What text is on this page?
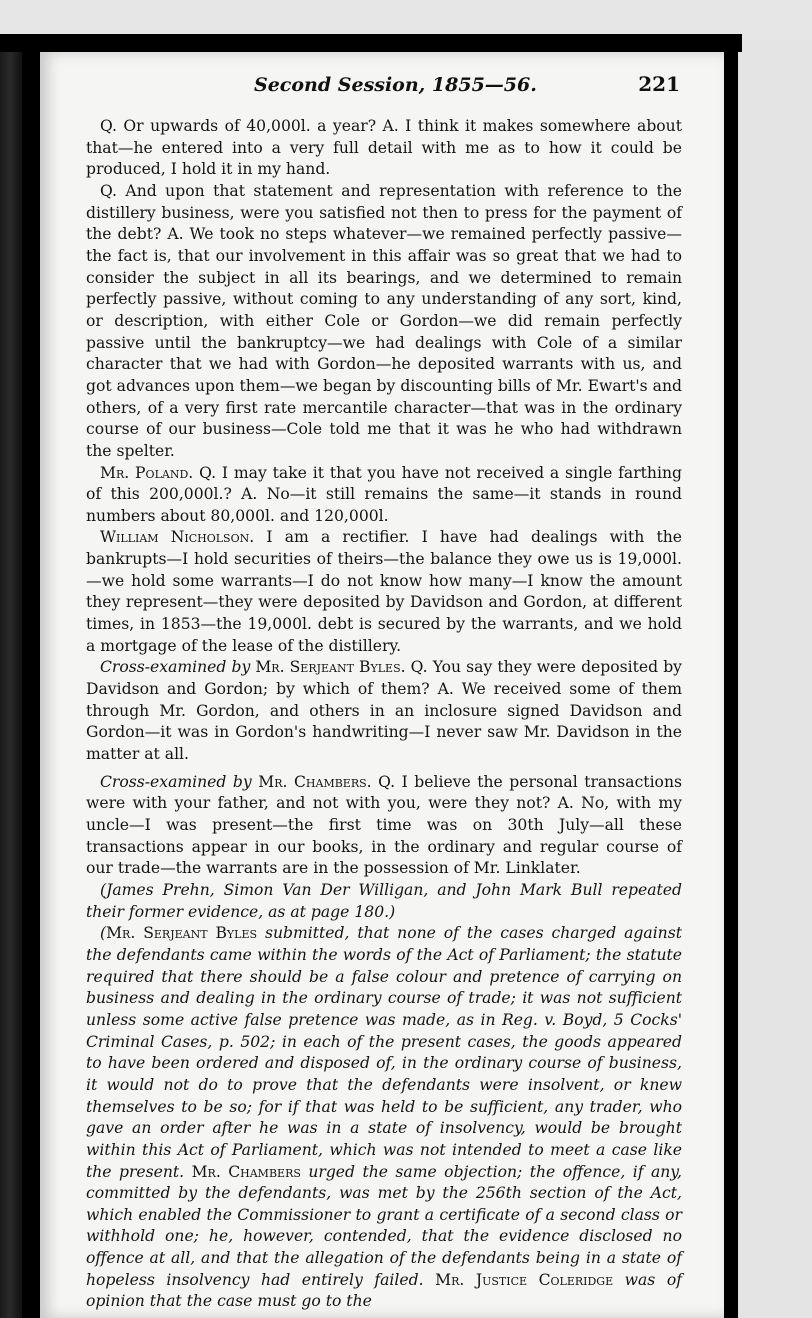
Second Session, 1855—56.	221

Q. Or upwards of 40,000l. a year? A. I think it makes somewhere about that—he entered into a very full detail with me as to how it could be produced, I hold it in my hand.

Q. And upon that statement and representation with reference to the distillery business, were you satisfied not then to press for the payment of the debt? A. We took no steps whatever—we remained perfectly passive—the fact is, that our involvement in this affair was so great that we had to consider the subject in all its bearings, and we determined to remain perfectly passive, without coming to any understanding of any sort, kind, or description, with either Cole or Gordon—we did remain perfectly passive until the bankruptcy—we had dealings with Cole of a similar character that we had with Gordon—he deposited warrants with us, and got advances upon them—we began by discounting bills of Mr. Ewart's and others, of a very first rate mercantile character—that was in the ordinary course of our business—Cole told me that it was he who had withdrawn the spelter.

Mr. Poland. Q. I may take it that you have not received a single farthing of this 200,000l.? A. No—it still remains the same—it stands in round numbers about 80,000l. and 120,000l.

William Nicholson. I am a rectifier. I have had dealings with the bankrupts—I hold securities of theirs—the balance they owe us is 19,000l.—we hold some warrants—I do not know how many—I know the amount they represent—they were deposited by Davidson and Gordon, at different times, in 1853—the 19,000l. debt is secured by the warrants, and we hold a mortgage of the lease of the distillery.

Cross-examined by Mr. Serjeant Byles. Q. You say they were deposited by Davidson and Gordon; by which of them? A. We received some of them through Mr. Gordon, and others in an inclosure signed Davidson and Gordon—it was in Gordon's handwriting—I never saw Mr. Davidson in the matter at all.

Cross-examined by Mr. Chambers. Q. I believe the personal transactions were with your father, and not with you, were they not? A. No, with my uncle—I was present—the first time was on 30th July—all these transactions appear in our books, in the ordinary and regular course of our trade—the warrants are in the possession of Mr. Linklater.

(James Prehn, Simon Van Der Willigan, and John Mark Bull repeated their former evidence, as at page 180.)

(Mr. Serjeant Byles submitted, that none of the cases charged against the defendants came within the words of the Act of Parliament; the statute required that there should be a false colour and pretence of carrying on business and dealing in the ordinary course of trade; it was not sufficient unless some active false pretence was made, as in Reg. v. Boyd, 5 Cocks' Criminal Cases, p. 502; in each of the present cases, the goods appeared to have been ordered and disposed of, in the ordinary course of business, it would not do to prove that the defendants were insolvent, or knew themselves to be so; for if that was held to be sufficient, any trader, who gave an order after he was in a state of insolvency, would be brought within this Act of Parliament, which was not intended to meet a case like the present. Mr. Chambers urged the same objection; the offence, if any, committed by the defendants, was met by the 256th section of the Act, which enabled the Commissioner to grant a certificate of a second class or withhold one; he, however, contended, that the evidence disclosed no offence at all, and that the allegation of the defendants being in a state of hopeless insolvency had entirely failed. Mr. Justice Coleridge was of opinion that the case must go to the
